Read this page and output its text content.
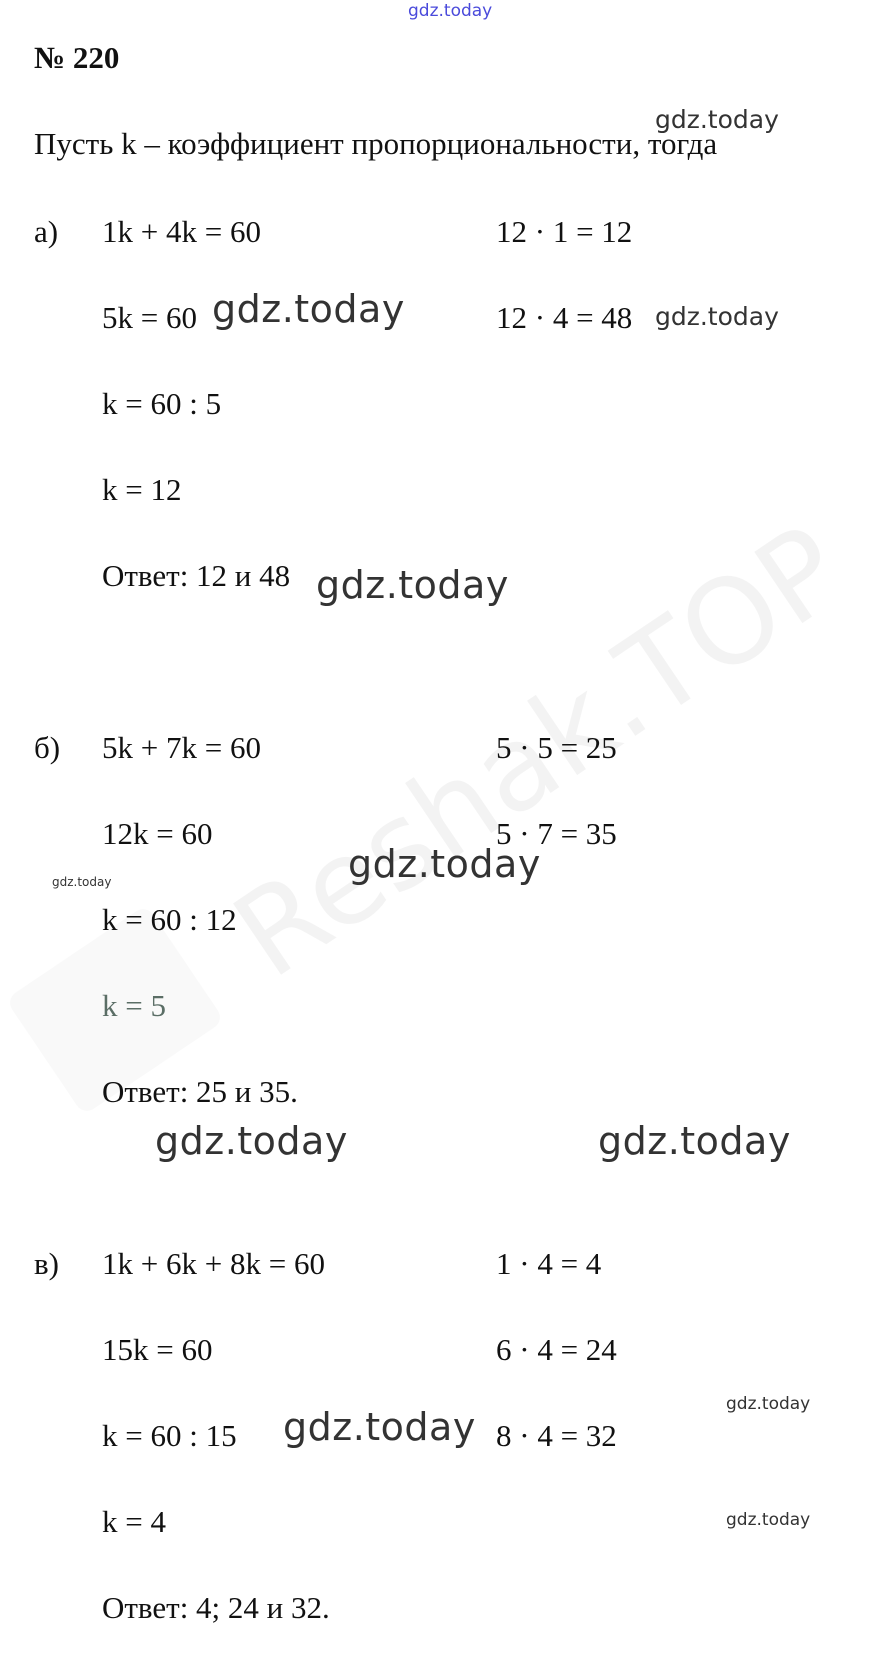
gdz.today
№ 220
gdz.today
Пусть k – коэффициент пропорциональности, тогда
а) 1k + 4k = 60	12 · 1 = 12
5k = 60 gdz.today	12 · 4 = 48 gdz.today
k = 60 : 5
k = 12
Ответ: 12 и 48 gdz.today
б) 5k + 7k = 60	5 · 5 = 25
12k = 60	5 · 7 = 35
gdz.today
gdz.today
k = 60 : 12
k = 5
Ответ: 25 и 35.
gdz.today	gdz.today
в) 1k + 6k + 8k = 60	1 · 4 = 4
15k = 60	6 · 4 = 24
gdz.today
k = 60 : 15 gdz.today 8 · 4 = 32
k = 4	gdz.today
Ответ: 4; 24 и 32.
